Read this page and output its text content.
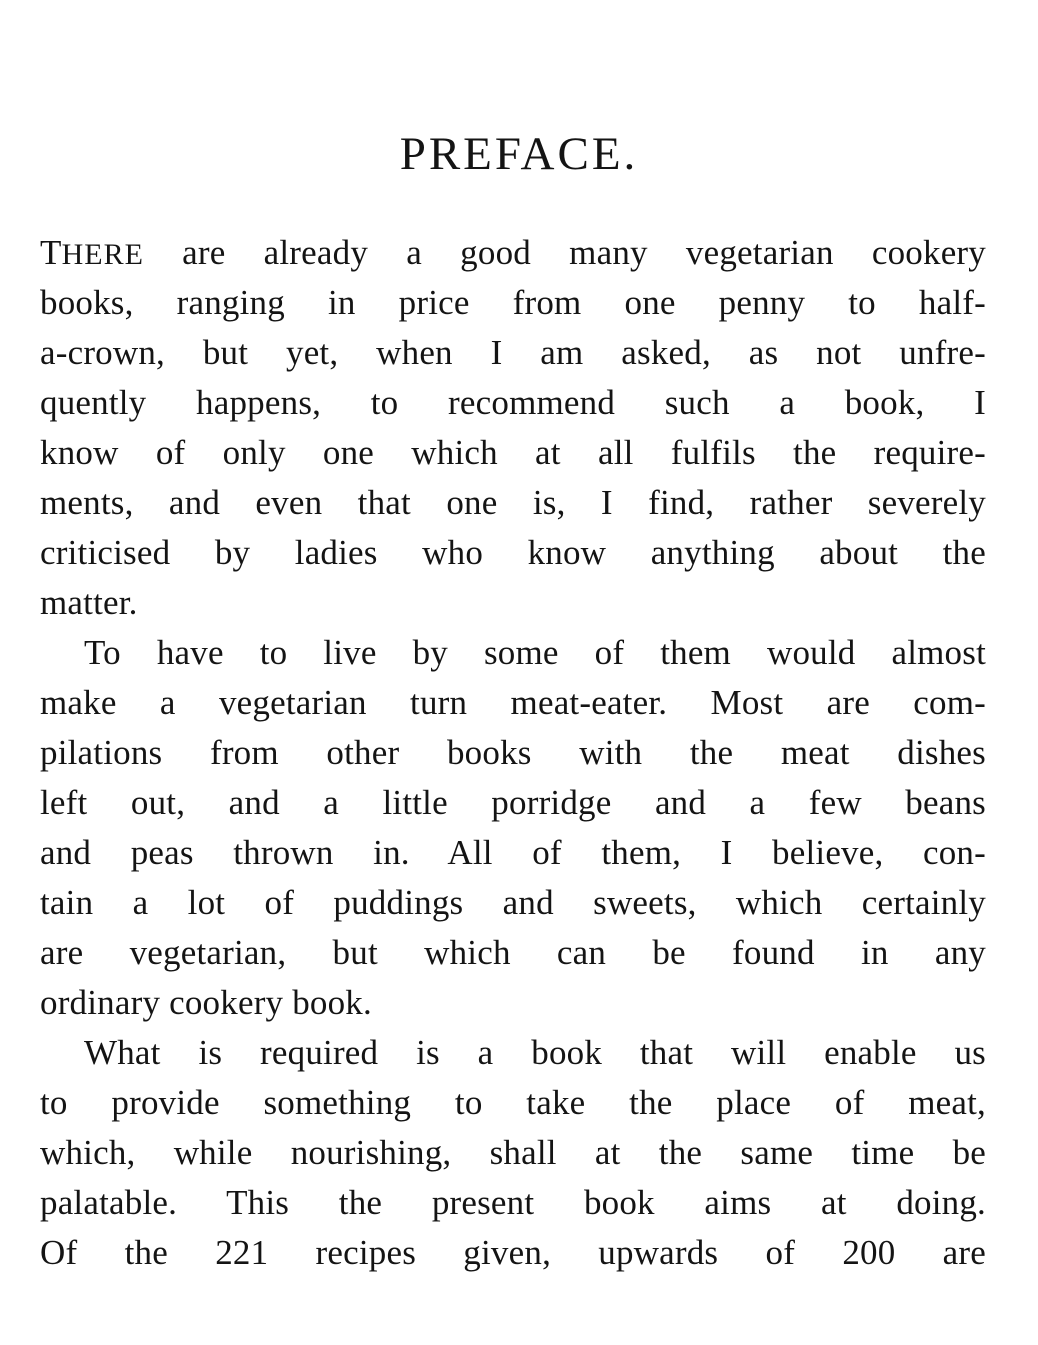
PREFACE.
THERE are already a good many vegetarian cookery
books, ranging in price from one penny to half-
a-crown, but yet, when I am asked, as not unfre-
quently happens, to recommend such a book, I
know of only one which at all fulfils the require-
ments, and even that one is, I find, rather severely
criticised by ladies who know anything about the
matter.
To have to live by some of them would almost
make a vegetarian turn meat-eater. Most are com-
pilations from other books with the meat dishes
left out, and a little porridge and a few beans
and peas thrown in. All of them, I believe, con-
tain a lot of puddings and sweets, which certainly
are vegetarian, but which can be found in any
ordinary cookery book.
What is required is a book that will enable us
to provide something to take the place of meat,
which, while nourishing, shall at the same time be
palatable. This the present book aims at doing.
Of the 221 recipes given, upwards of 200 are
